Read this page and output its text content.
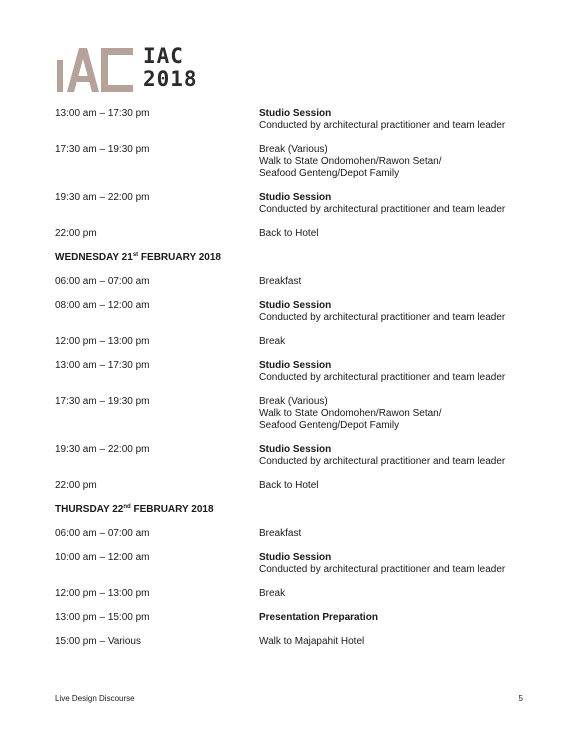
IAC
2018
13:00 am – 17:30 pm	Studio Session
Conducted by architectural practitioner and team leader
17:30 am – 19:30 pm	Break (Various)
Walk to State Ondomohen/Rawon Setan/
Seafood Genteng/Depot Family
19:30 am – 22:00 pm	Studio Session
Conducted by architectural practitioner and team leader
22:00 pm	Back to Hotel
WEDNESDAY 21st FEBRUARY 2018
06:00 am – 07:00 am	Breakfast
08:00 am – 12:00 am	Studio Session
Conducted by architectural practitioner and team leader
12:00 pm – 13:00 pm	Break
13:00 am – 17:30 pm	Studio Session
Conducted by architectural practitioner and team leader
17:30 am – 19:30 pm	Break (Various)
Walk to State Ondomohen/Rawon Setan/
Seafood Genteng/Depot Family
19:30 am – 22:00 pm	Studio Session
Conducted by architectural practitioner and team leader
22:00 pm	Back to Hotel
THURSDAY 22nd FEBRUARY 2018
06:00 am – 07:00 am	Breakfast
10:00 am – 12:00 am	Studio Session
Conducted by architectural practitioner and team leader
12:00 pm – 13:00 pm	Break
13:00 pm – 15:00 pm	Presentation Preparation
15:00 pm – Various	Walk to Majapahit Hotel
Live Design Discourse	5
